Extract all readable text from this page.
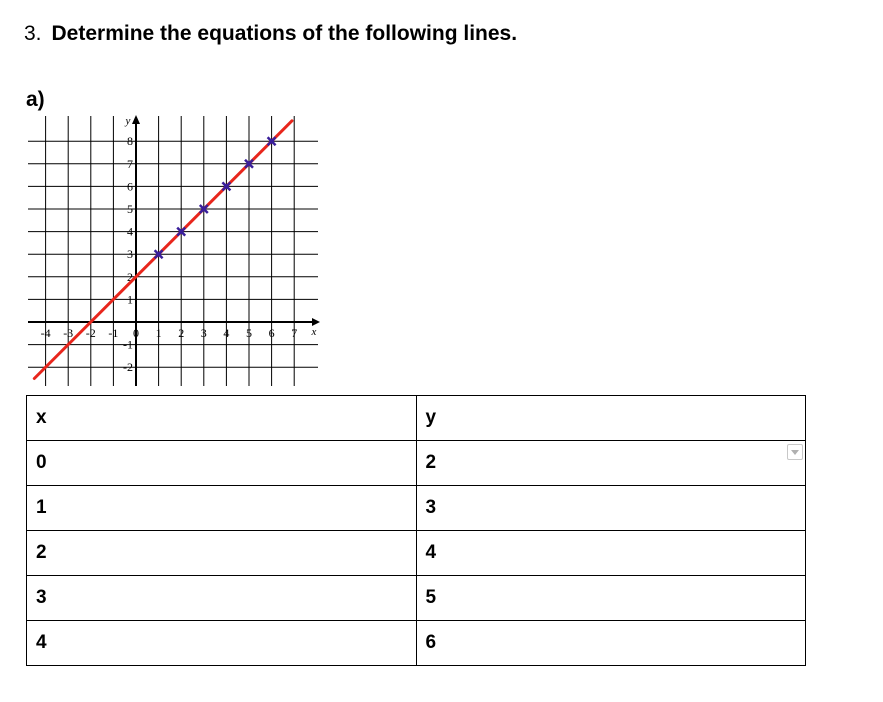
3. Determine the equations of the following lines.
a)
-4 -3 -2 -1 0 1 2 3 4 5 6 7
8
7
6
5
4
3
2
1
-1
-2
x
y
x	y
0	2
1	3
2	4
3	5
4	6
